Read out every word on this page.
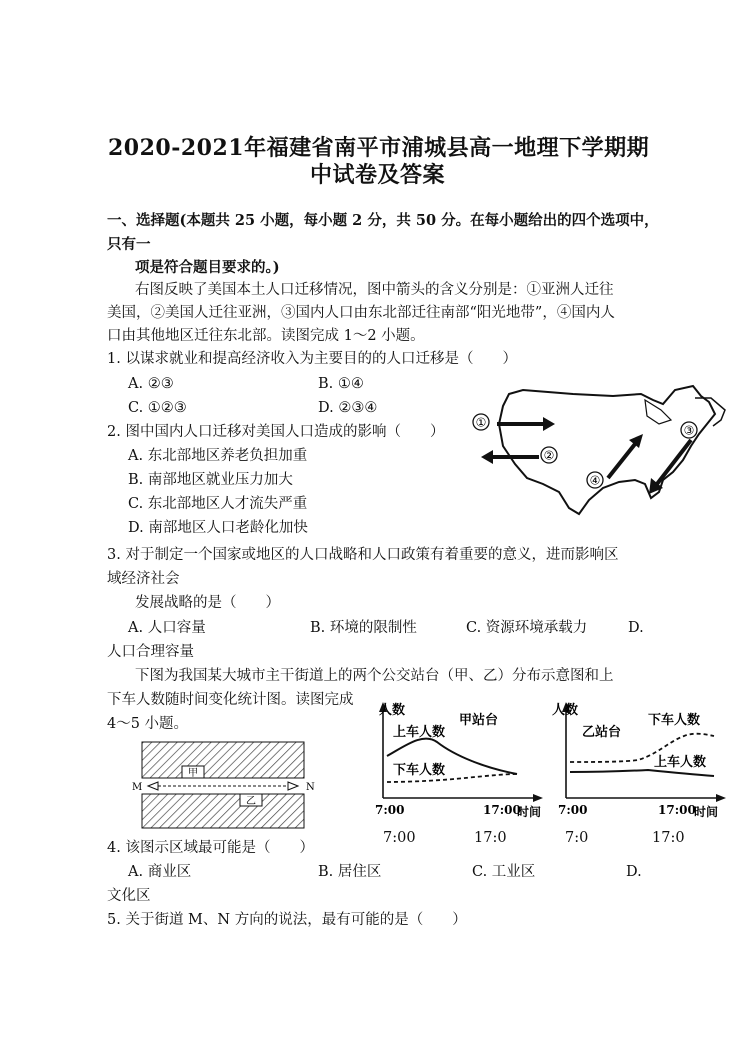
2020-2021年福建省南平市浦城县高一地理下学期期
中试卷及答案
一、选择题(本题共 25 小题，每小题 2 分，共 50 分。在每小题给出的四个选项中，
只有一
项是符合题目要求的。)
右图反映了美国本土人口迁移情况，图中箭头的含义分别是：①亚洲人迁往
美国，②美国人迁往亚洲，③国内人口由东北部迁往南部“阳光地带”，④国内人
口由其他地区迁往东北部。读图完成 1～2 小题。
1. 以谋求就业和提高经济收入为主要目的的人口迁移是（　　）
A. ②③	B. ①④
C. ①②③	D. ②③④
2. 图中国内人口迁移对美国人口造成的影响（　　）
A. 东北部地区养老负担加重
B. 南部地区就业压力加大
C. 东北部地区人才流失严重
D. 南部地区人口老龄化加快
①
②
③
④
3. 对于制定一个国家或地区的人口战略和人口政策有着重要的意义，进而影响区
域经济社会
发展战略的是（　　）
A. 人口容量	B. 环境的限制性	C. 资源环境承载力	D.
人口合理容量
下图为我国某大城市主干街道上的两个公交站台（甲、乙）分布示意图和上
下车人数随时间变化统计图。读图完成
4～5 小题。
甲
乙
M	N
人数
甲站台
上车人数
下车人数
7:00	17:00
时间
7:00	17:0
人数
乙站台
下车人数
上车人数
7:00	17:00
时间
7:0	17:0
4. 该图示区域最可能是（　　）
A. 商业区	B. 居住区	C. 工业区	D.
文化区
5. 关于街道 M、N 方向的说法，最有可能的是（　　）
